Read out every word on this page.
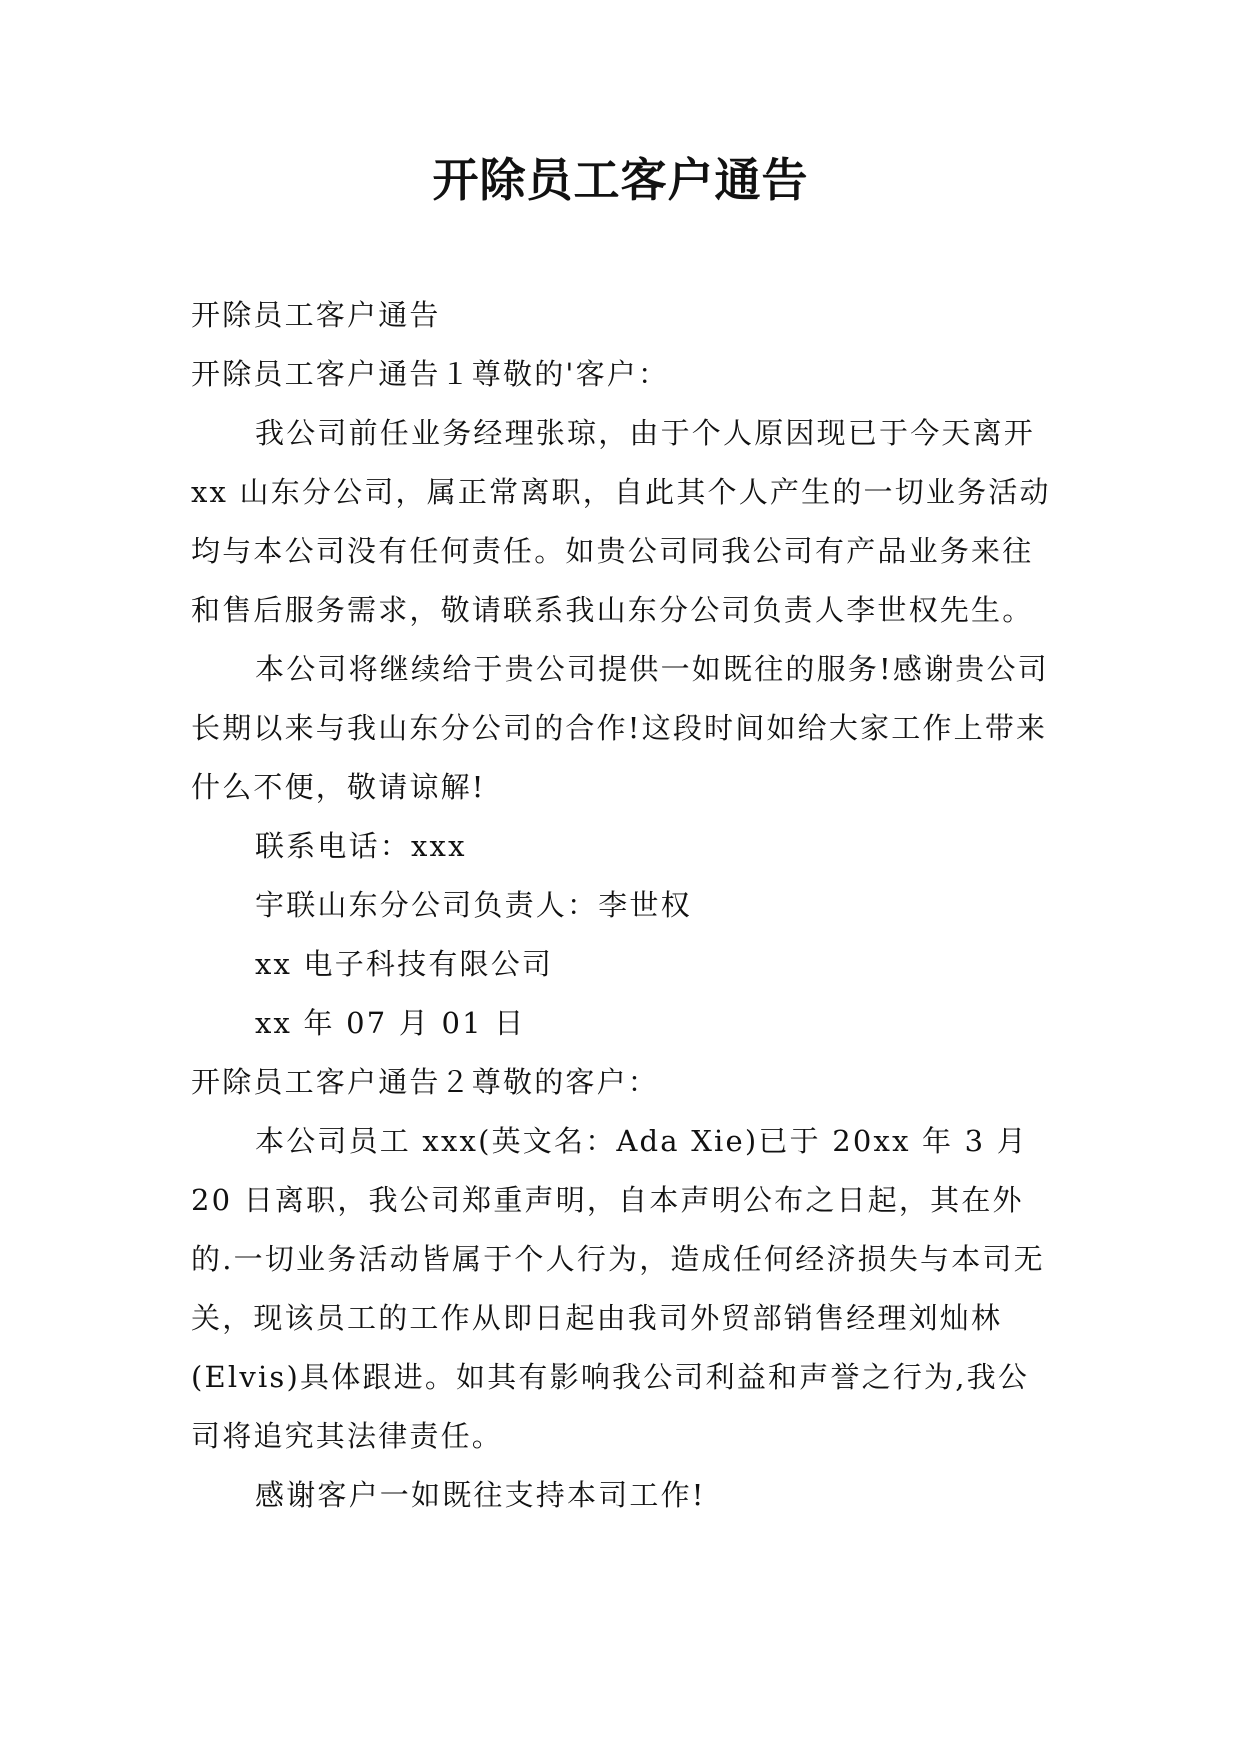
开除员工客户通告

开除员工客户通告

开除员工客户通告１尊敬的'客户：

我公司前任业务经理张琼，由于个人原因现已于今天离开 xx 山东分公司，属正常离职，自此其个人产生的一切业务活动均与本公司没有任何责任。如贵公司同我公司有产品业务来往和售后服务需求，敬请联系我山东分公司负责人李世权先生。

本公司将继续给于贵公司提供一如既往的服务!感谢贵公司长期以来与我山东分公司的合作!这段时间如给大家工作上带来什么不便，敬请谅解!

联系电话：xxx

宇联山东分公司负责人：李世权

xx 电子科技有限公司

xx 年 07 月 01 日

开除员工客户通告２尊敬的客户：

本公司员工 xxx(英文名：Ada Xie)已于 20xx 年 3 月 20 日离职，我公司郑重声明，自本声明公布之日起，其在外的.一切业务活动皆属于个人行为，造成任何经济损失与本司无关，现该员工的工作从即日起由我司外贸部销售经理刘灿林(Elvis)具体跟进。如其有影响我公司利益和声誉之行为,我公司将追究其法律责任。

感谢客户一如既往支持本司工作!
